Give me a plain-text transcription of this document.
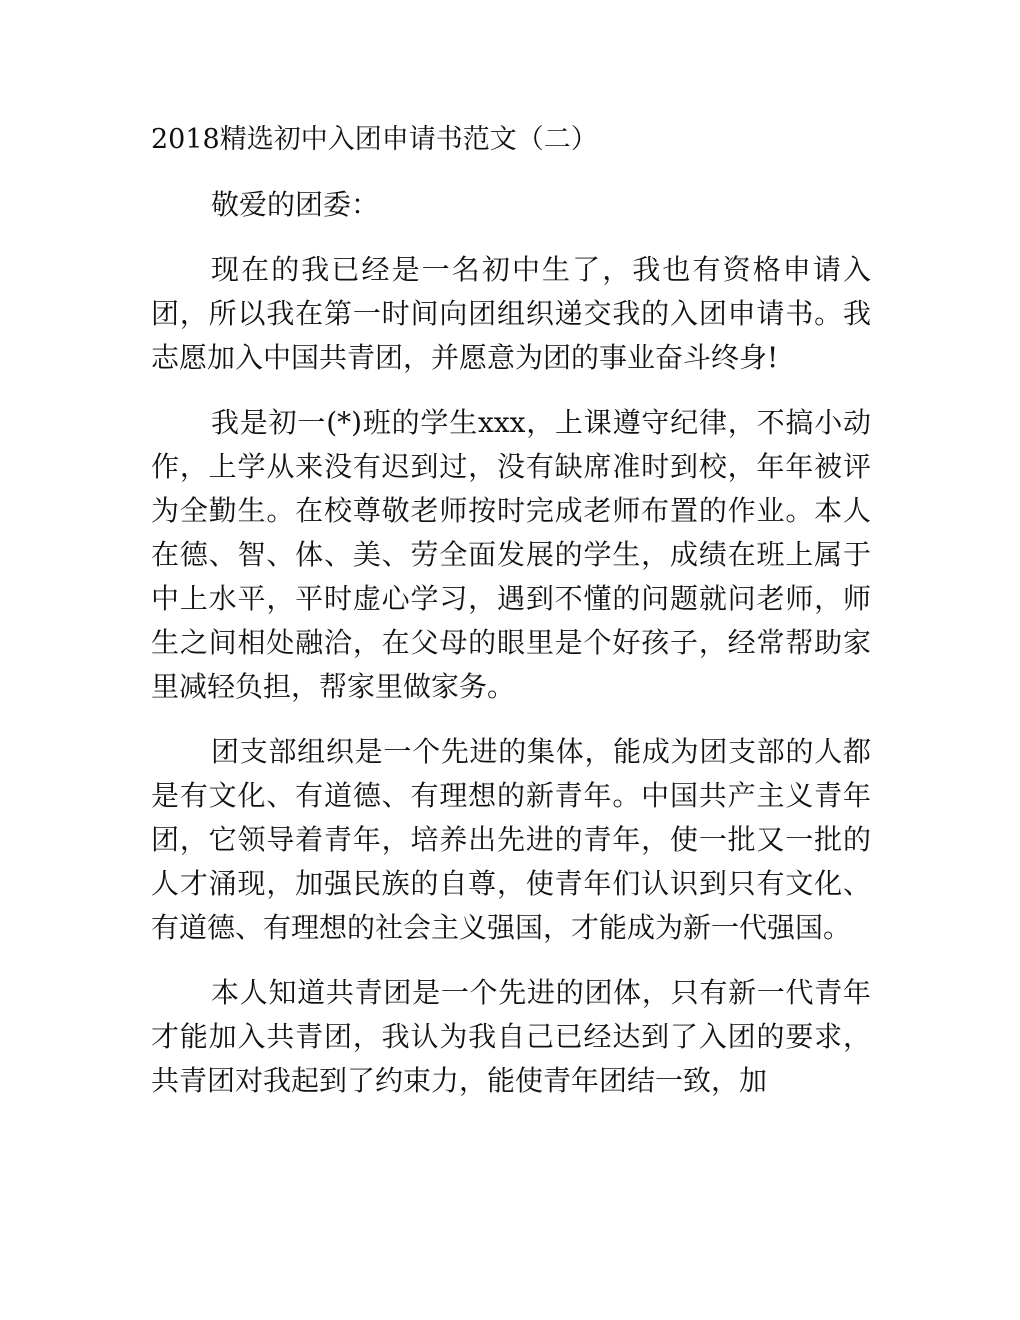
2018精选初中入团申请书范文（二）

敬爱的团委：

现在的我已经是一名初中生了，我也有资格申请入团，所以我在第一时间向团组织递交我的入团申请书。我志愿加入中国共青团，并愿意为团的事业奋斗终身!

我是初一(*)班的学生xxx，上课遵守纪律，不搞小动作，上学从来没有迟到过，没有缺席准时到校，年年被评为全勤生。在校尊敬老师按时完成老师布置的作业。本人在德、智、体、美、劳全面发展的学生，成绩在班上属于中上水平，平时虚心学习，遇到不懂的问题就问老师，师生之间相处融洽，在父母的眼里是个好孩子，经常帮助家里减轻负担，帮家里做家务。

团支部组织是一个先进的集体，能成为团支部的人都是有文化、有道德、有理想的新青年。中国共产主义青年团，它领导着青年，培养出先进的青年，使一批又一批的人才涌现，加强民族的自尊，使青年们认识到只有文化、有道德、有理想的社会主义强国，才能成为新一代强国。

本人知道共青团是一个先进的团体，只有新一代青年才能加入共青团，我认为我自己已经达到了入团的要求，共青团对我起到了约束力，能使青年团结一致，加
